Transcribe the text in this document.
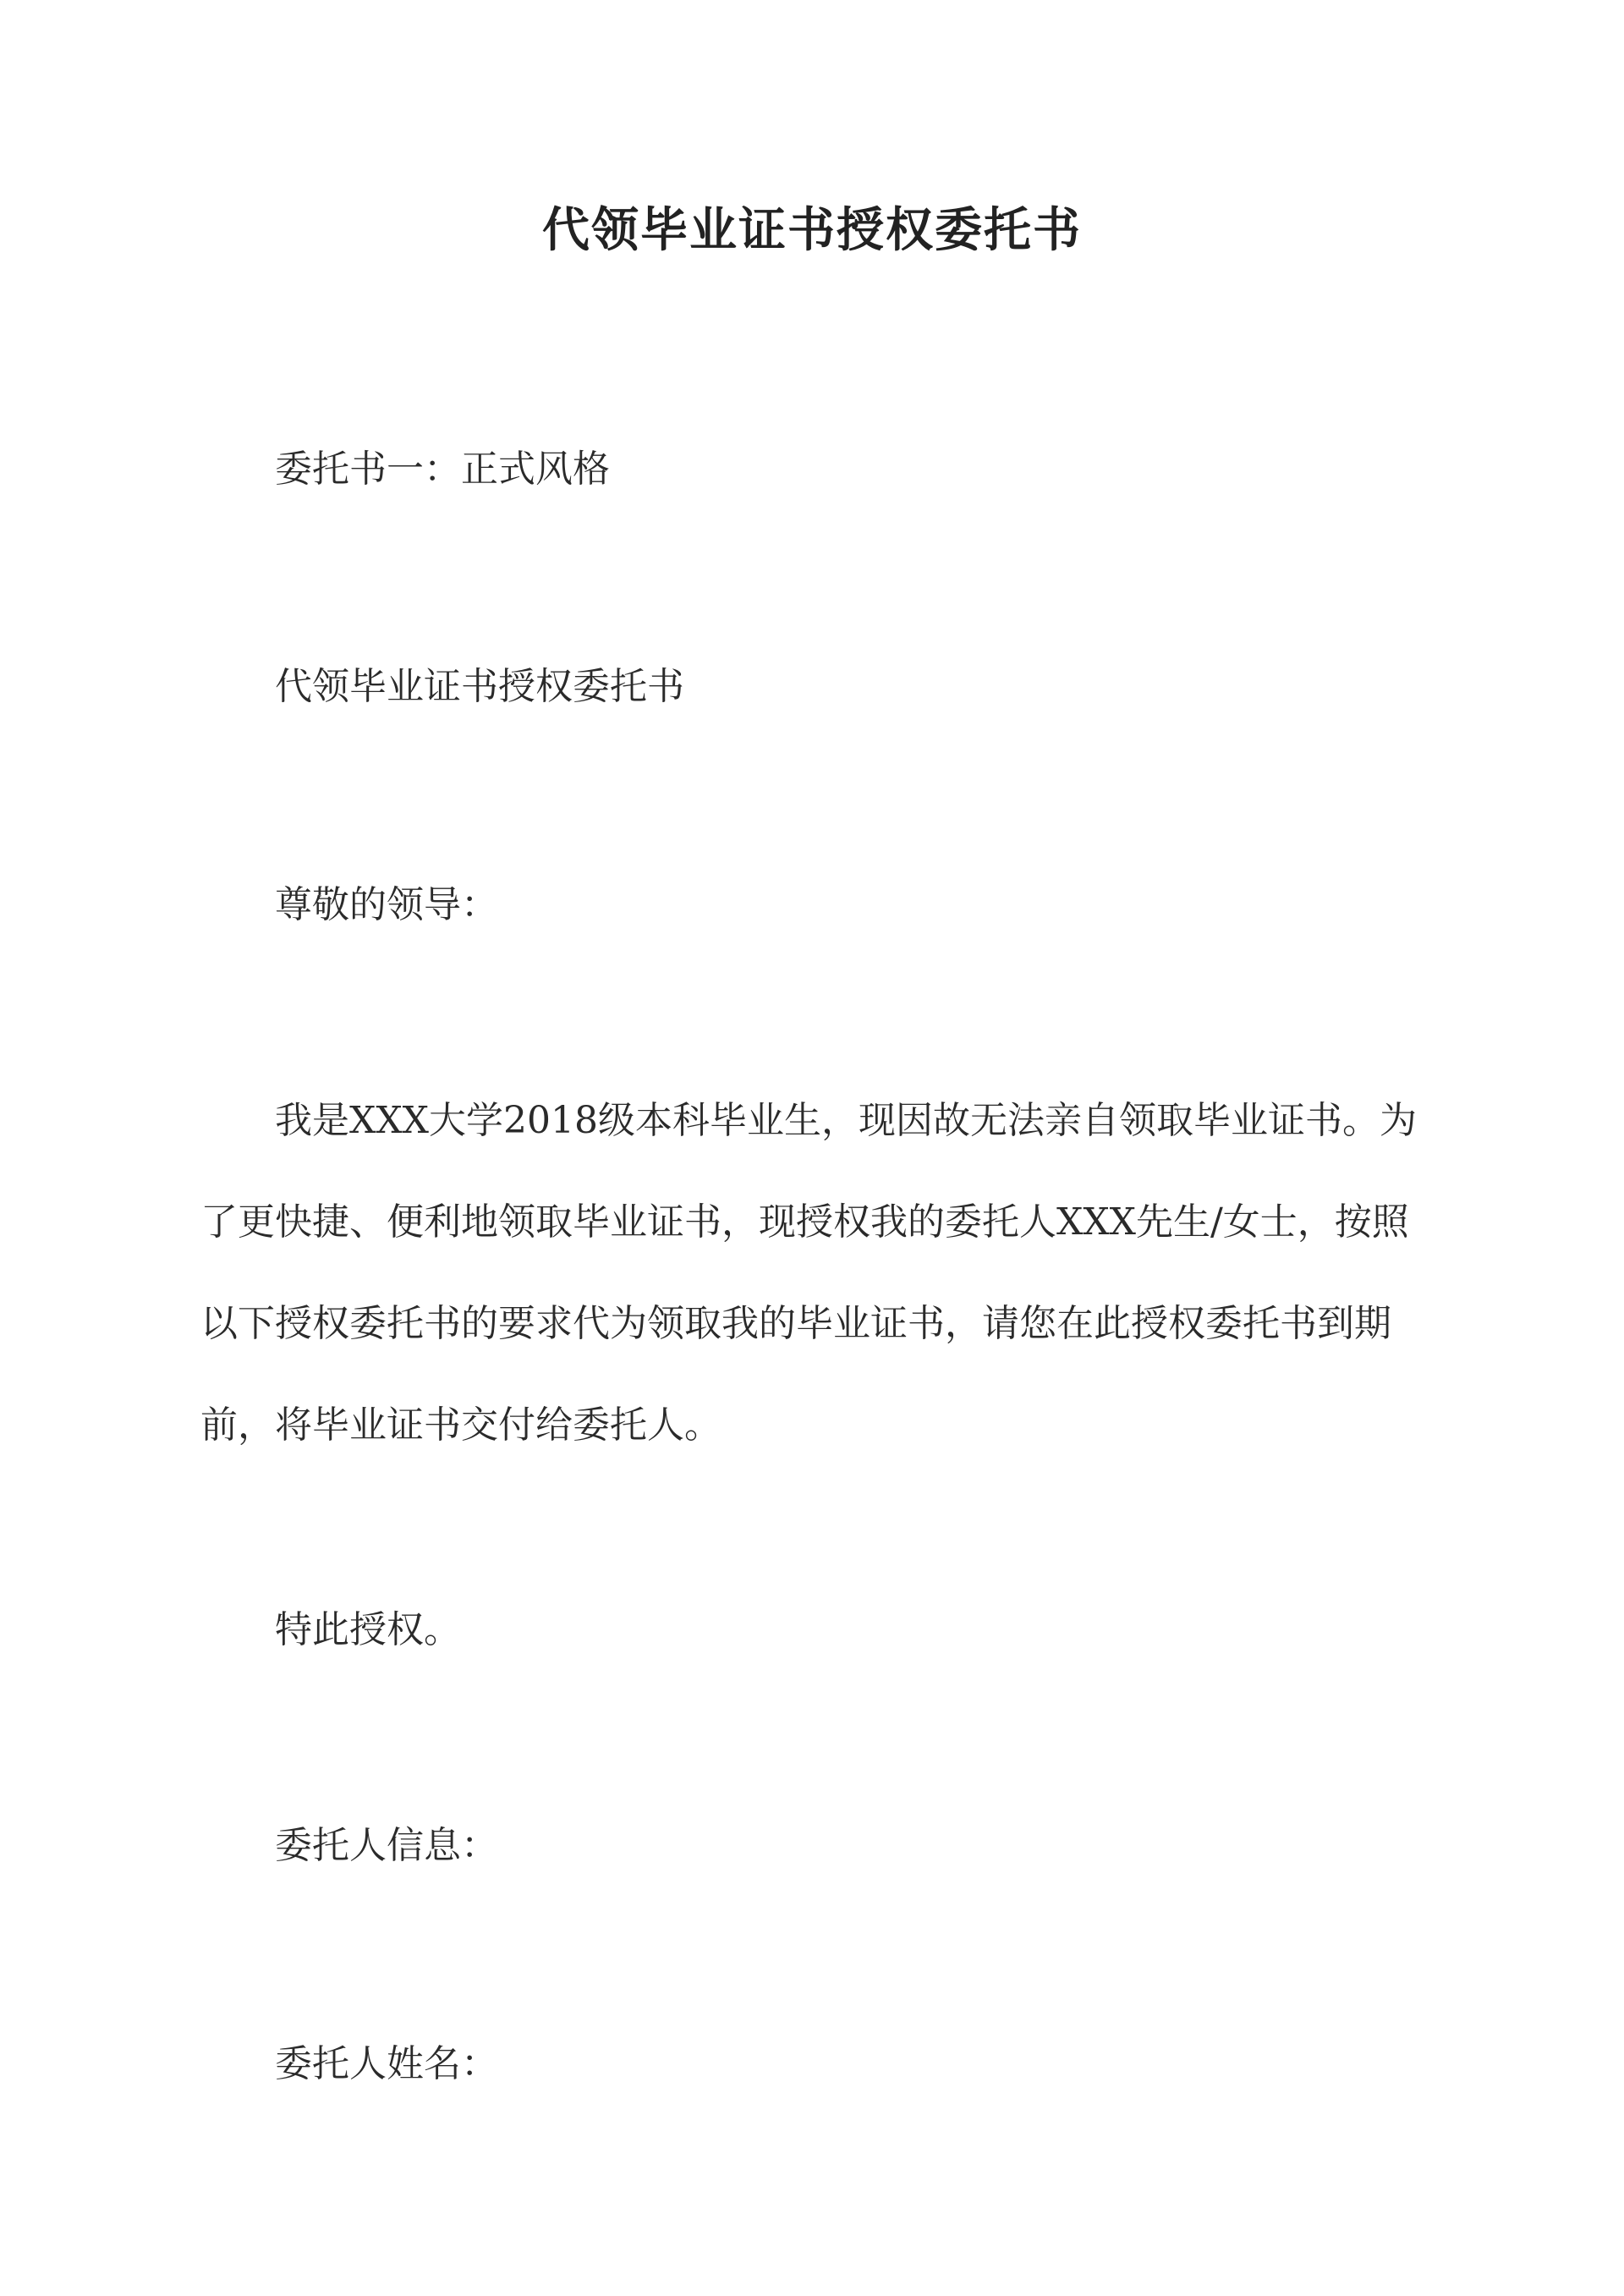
代领毕业证书授权委托书

委托书一：正式风格

代领毕业证书授权委托书

尊敬的领导：

我是XXX大学2018级本科毕业生，现因故无法亲自领取毕业证书。为了更快捷、便利地领取毕业证书，现授权我的委托人XXX先生/女士，按照以下授权委托书的要求代为领取我的毕业证书，请您在此授权委托书到期前，将毕业证书交付给委托人。

特此授权。

委托人信息：

委托人姓名：
